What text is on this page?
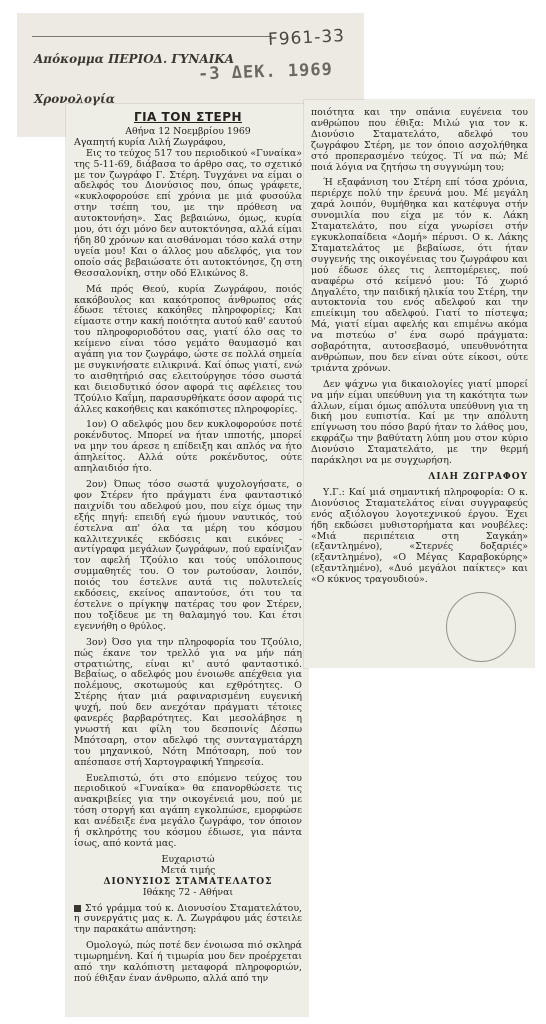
Απόκομμα ΠΕΡΙΟΔ. ΓΥΝΑΙΚΑ
F961-33
-3 ΔΕΚ. 1969
Χρονολογία
ΓΙΑ ΤΟΝ ΣΤΕΡΗ

Αθήνα 12 Νοεμβρίου 1969

Αγαπητή κυρία Λιλή Ζωγράφου,

Εις το τεύχος 517 του περιοδικού «Γυναίκα» της 5-11-69, διάβασα το άρθρο σας, το σχετικό με τον ζωγράφο Γ. Στέρη. Τυγχάνει να είμαι ο αδελφός του Διονύσιος που, όπως γράφετε, «κυκλοφορούσε επί χρόνια με μιά φυσούλα στην τσέπη του, με την πρόθεση να αυτοκτονήση». Σας βεβαιώνω, όμως, κυρία μου, ότι όχι μόνο δεν αυτοκτόνησα, αλλά είμαι ήδη 80 χρόνων και αισθάνομαι τόσο καλά στην υγεία μου! Και ο άλλος μου αδελφός, για τον οποίο σάς βεβαιώσατε ότι αυτοκτόνησε, ζη στη Θεσσαλονίκη, στην οδό Ελικώνος 8.

Μά πρός Θεού, κυρία Ζωγράφου, ποιός κακόβουλος και κακότροπος άνθρωπος σάς έδωσε τέτοιες κακόηθες πληροφορίες; Και είμαστε στην κακή ποιότητα αυτού καθ' εαυτού του πληροφοριοδότου σας, γιατί όλο σας το κείμενο είναι τόσο γεμάτο θαυμασμό και αγάπη για τον ζωγράφο, ώστε σε πολλά σημεία με συγκινήσατε ειλικρινά. Καί όπως γιατί, ενώ το αισθητήριό σας ελειτούργησε τόσο σωστά και διεισδυτικό όσον αφορά τις αφέλειες του Τζούλιο Καΐμη, παρασυρθήκατε όσον αφορά τις άλλες κακοήθεις και κακόπιστες πληροφορίες.

1ον) Ο αδελφός μου δεν κυκλοφορούσε ποτέ ροκένδυτος. Μπορεί να ήταν ιπποτής, μπορεί να μην του άρεσε η επίδειξη και απλός να ήτο άπηλείτος. Αλλά ούτε ροκένδυτος, ούτε απηλαιδιόσ ήτο.

2ον) Όπως τόσο σωστά ψυχολογήσατε, ο φον Στέρεν ήτο πράγματι ένα φανταστικό παιχνίδι του αδελφού μου, που είχε όμως την εξής πηγή: επειδή εγώ ήμουν ναυτικός, τού έστελνα απ' όλα τα μέρη του κόσμου καλλιτεχνικές εκδόσεις και εικόνες - αντίγραφα μεγάλων ζωγράφων, πού εφαίνιζαν τον αφελή Τζούλιο και τούς υπόλοιπους συμμαθητές του. Ο τον ρωτούσαν, λοιπόν, ποιός του έστελνε αυτά τις πολυτελείς εκδόσεις, εκείνος απαντούσε, ότι του τα έστελνε ο πρίγκηψ πατέρας του φον Στέρεν, που τοξίδευε με τη θαλαμηγό του. Και έτσι εγεννήθη ο θρύλος.

3ον) Όσο για την πληροφορία του Τζούλιο, πώς έκανε τον τρελλό για να μήν πάη στρατιώτης, είναι κι' αυτό φανταστικό. Βεβαίως, ο αδελφός μου ένοιωθε απέχθεια για πολέμους, σκοτωμούς και εχθρότητες. Ο Στέρης ήταν μιά ραφιναρισμένη ευγενική ψυχή, πού δεν ανεχόταν πράγματι τέτοιες φανερές βαρβαρότητες. Και μεσολάβησε η γνωστή και φίλη του δεσποινίς Δέσπω Μπότσαρη, στον αδελφό της συνταγματάρχη του μηχανικού, Νότη Μπότσαρη, πού τον απέσπασε στή Χαρτογραφική Υπηρεσία.

Ευελπιστώ, ότι στο επόμενο τεύχος του περιοδικού «Γυναίκα» θα επανορθώσετε τις ανακριβείες για την οικογένειά μου, πού με τόση στοργή και αγάπη εγκολπώσε, εμορφώσε και ανέδειξε ένα μεγάλο ζωγράφο, τον όποιον ή σκληρότης του κόσμου έδιωσε, για πάντα ίσως, από κοντά μας.

Ευχαριστώ

Μετά τιμής

ΔΙΟΝΥΣΙΟΣ ΣΤΑΜΑΤΕΛΑΤΟΣ

Ιθάκης 72 - Αθήναι

Στό γράμμα τού κ. Διονυσίου Σταματελάτου, η συνεργάτις μας κ. Λ. Ζωγράφου μάς έστειλε την παρακάτω απάντηση:

Ομολογώ, πώς ποτέ δεν ένοιωσα πιό σκληρά τιμωρημένη. Καί ή τιμωρία μου δεν προέρχεται από την καλόπιστη μεταφορά πληροφοριών, πού έθιξαν έναν άνθρωπο, αλλά από την

ποιότητα και την σπάνια ευγένεια του ανθρώπου που έθιξα: Μιλώ για τον κ. Διονύσιο Σταματελάτο, αδελφό του ζωγράφου Στέρη, με τον όποιο ασχολήθηκα στό προπερασμένο τεύχος. Τί να πώ; Μέ ποιά λόγια να ζητήσω τη συγγνώμη του;

Ή εξαφάνιση του Στέρη επί τόσα χρόνια, περιέρχε πολύ την έρευνά μου. Μέ μεγάλη χαρά λοιπόν, θυμήθηκα και κατέφυγα στήν συνομιλία που είχα με τόν κ. Λάκη Σταματελάτο, που είχα γνωρίσει στήν εγκυκλοπαίδεια «Δομή» πέρυσι. Ο κ. Λάκης Σταματελάτος με βεβαίωσε, ότι ήταν συγγενής της οικογένειας του ζωγράφου και μού έδωσε όλες τις λεπτομέρειες, πού αναφέρω στό κείμενό μου: Τό χωριό Δηγαλέτο, την παιδική ηλικία του Στέρη, την αυτοκτονία του ενός αδελφού και την επιείκιμη του αδελφού. Γιατί το πίστεψα; Μά, γιατί είμαι αφελής και επιμένω ακόμα να πιστεύω σ' ένα σωρό πράγματα: σοβαρότητα, αυτοσεβασμό, υπευθυνότητα ανθρώπων, που δεν είναι ούτε είκοσι, ούτε τριάντα χρόνων.

Δεν ψάχνω για δικαιολογίες γιατί μπορεί να μήν είμαι υπεύθυνη για τη κακότητα των άλλων, είμαι όμως απόλυτα υπεύθυνη για τη δική μου ευπιστία. Καί με την απόλυτη επίγνωση του πόσο βαρύ ήταν το λάθος μου, εκφράζω την βαθύτατη λύπη μου στον κύριο Διονύσιο Σταματελάτο, με την θερμή παράκλησι να με συγχωρήση.

ΛΙΛΗ ΖΩΓΡΑΦΟΥ

Υ.Γ.: Καί μιά σημαντική πληροφορία: Ο κ. Διονύσιος Σταματελάτος είναι συγγραφεύς ενός αξιόλογου λογοτεχνικού έργου. Έχει ήδη εκδώσει μυθιστορήματα και νουβέλες: «Μιά περιπέτεια στη Σαγκάη» (εξαντλημένο), «Στερνές δοξαριές» (εξαντλημένο), «Ο Μέγας Καραβοκύρης» (εξαντλημένο), «Δυό μεγάλοι παίκτες» και «Ο κύκνος τραγουδιού».
